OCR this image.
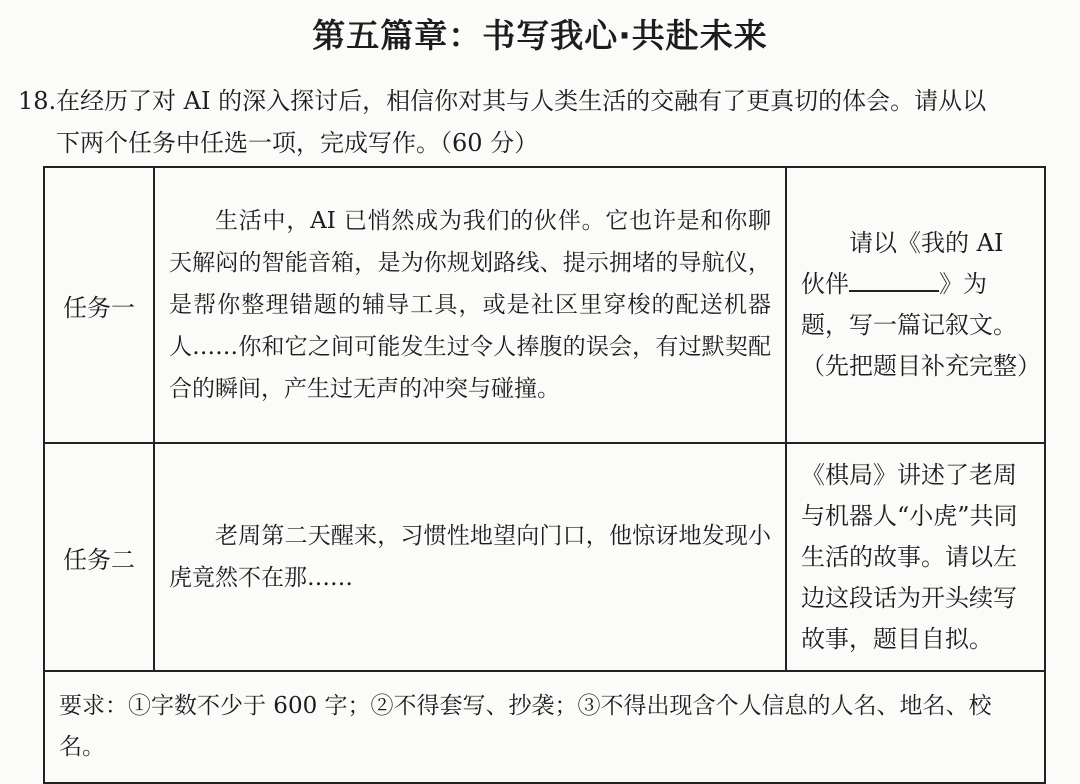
第五篇章：书写我心·共赴未来
18.在经历了对 AI 的深入探讨后，相信你对其与人类生活的交融有了更真切的体会。请从以
下两个任务中任选一项，完成写作。（60 分）
任务一	生活中，AI 已悄然成为我们的伙伴。它也许是和你聊天解闷的智能音箱，是为你规划路线、提示拥堵的导航仪，是帮你整理错题的辅导工具，或是社区里穿梭的配送机器人……你和它之间可能发生过令人捧腹的误会，有过默契配合的瞬间，产生过无声的冲突与碰撞。	请以《我的 AI 伙伴 》为题，写一篇记叙文。（先把题目补充完整）

任务二	老周第二天醒来，习惯性地望向门口，他惊讶地发现小虎竟然不在那……	《棋局》讲述了老周与机器人“小虎”共同生活的故事。请以左边这段话为开头续写故事，题目自拟。

要求：①字数不少于 600 字；②不得套写、抄袭；③不得出现含个人信息的人名、地名、校名。		
